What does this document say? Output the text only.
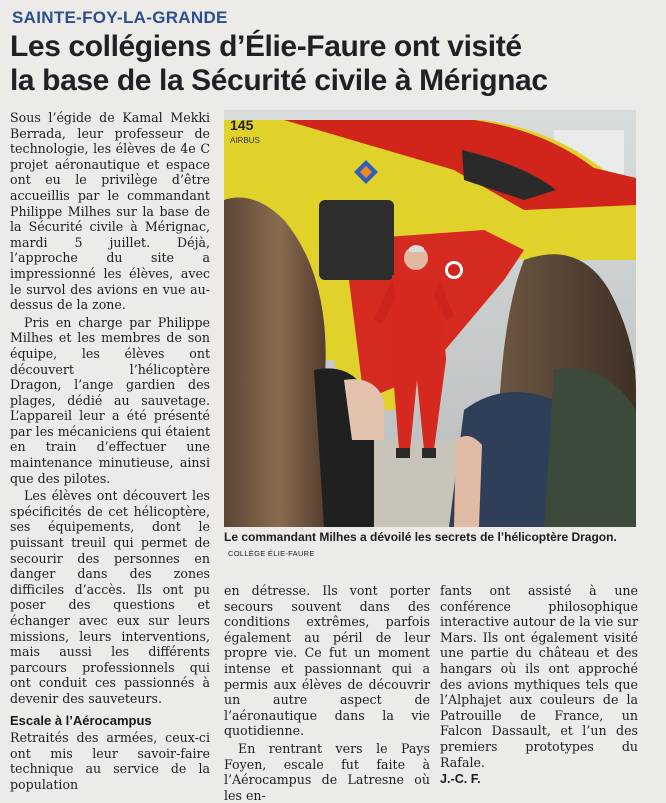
SAINTE-FOY-LA-GRANDE
Les collégiens d’Élie-Faure ont visité
la base de la Sécurité civile à Mérignac

Sous l’égide de Kamal Mekki Berrada, leur professeur de technologie, les élèves de 4e C projet aéronautique et espace ont eu le privilège d’être accueillis par le commandant Philippe Milhes sur la base de la Sécurité civile à Mérignac, mardi 5 juillet. Déjà, l’approche du site a impressionné les élèves, avec le survol des avions en vue au-dessus de la zone.

Pris en charge par Philippe Milhes et les membres de son équipe, les élèves ont découvert l’hélicoptère Dragon, l’ange gardien des plages, dédié au sauvetage. L’appareil leur a été présenté par les mécaniciens qui étaient en train d’effectuer une maintenance minutieuse, ainsi que des pilotes.

Les élèves ont découvert les spécificités de cet hélicoptère, ses équipements, dont le puissant treuil qui permet de secourir des personnes en danger dans des zones difficiles d’accès. Ils ont pu poser des questions et échanger avec eux sur leurs missions, leurs interventions, mais aussi les différents parcours professionnels qui ont conduit ces passionnés à devenir des sauveteurs.

Escale à l’Aérocampus

Retraités des armées, ceux-ci ont mis leur savoir-faire technique au service de la population

145
AIRBUS
Le commandant Milhes a dévoilé les secrets de l’hélicoptère Dragon. COLLÈGE ÉLIE-FAURE

en détresse. Ils vont porter secours souvent dans des conditions extrêmes, parfois également au péril de leur propre vie. Ce fut un moment intense et passionnant qui a permis aux élèves de découvrir un autre aspect de l’aéronautique dans la vie quotidienne.

En rentrant vers le Pays Foyen, escale fut faite à l’Aérocampus de Latresne où les en-

fants ont assisté à une conférence philosophique interactive autour de la vie sur Mars. Ils ont également visité une partie du château et des hangars où ils ont approché des avions mythiques tels que l’Alphajet aux couleurs de la Patrouille de France, un Falcon Dassault, et l’un des premiers prototypes du Rafale.

J.-C. F.
